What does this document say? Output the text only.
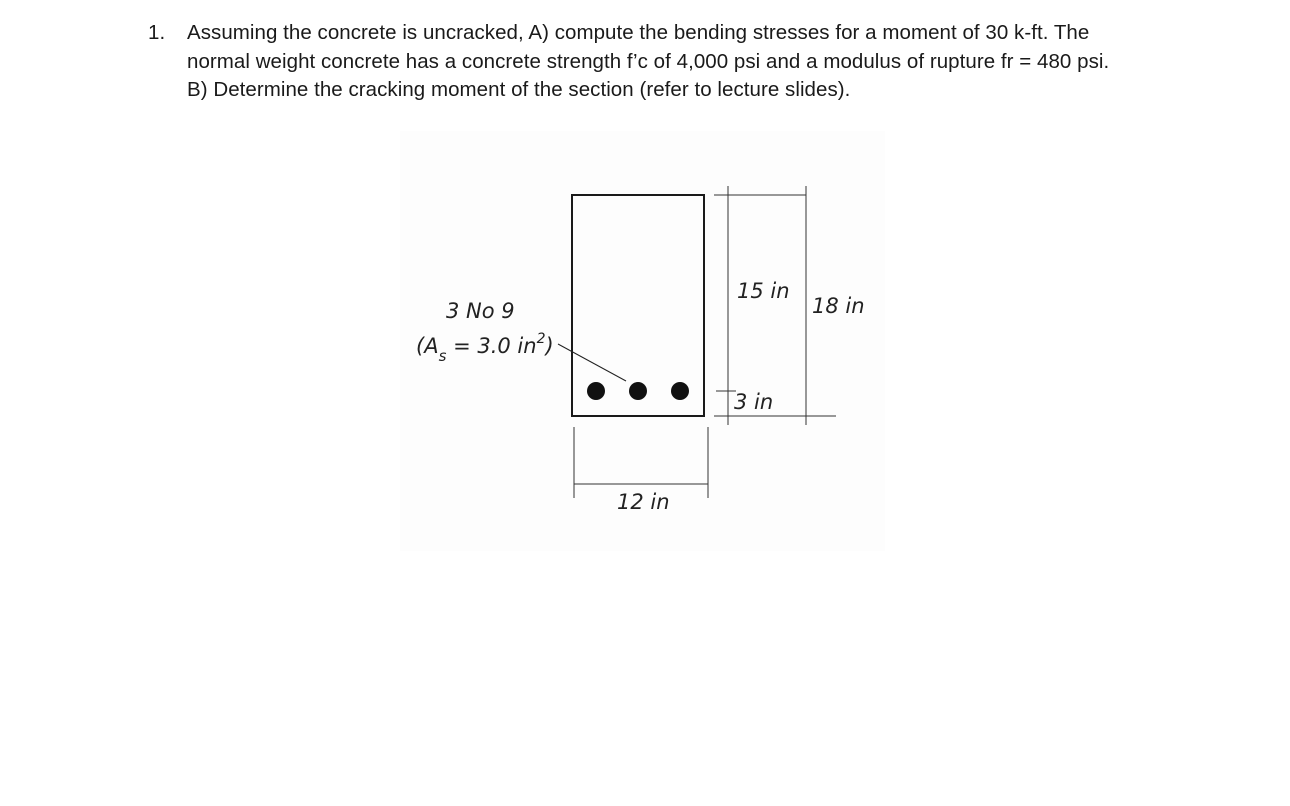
1. Assuming the concrete is uncracked, A) compute the bending stresses for a moment of 30 k-ft. The
normal weight concrete has a concrete strength f’c of 4,000 psi and a modulus of rupture fr = 480 psi.
B) Determine the cracking moment of the section (refer to lecture slides).
3 No 9
($A_s = 3.0$ $in^2$)
15 in
18 in
3 in
12 in
